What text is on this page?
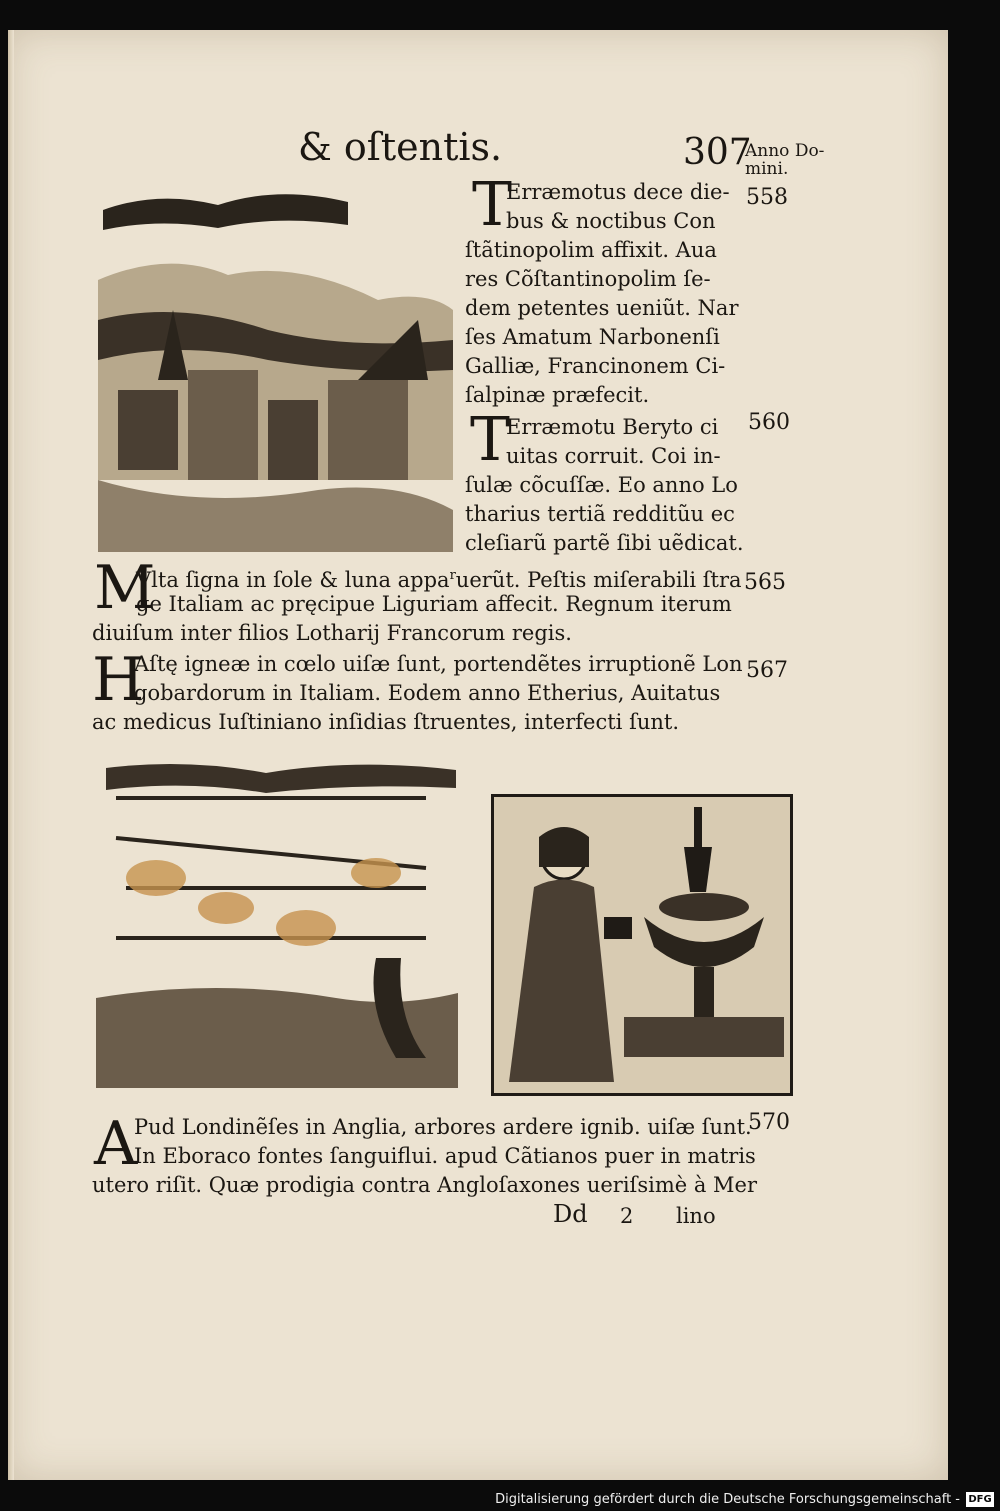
& oſtentis.	307
Anno Do-mini.
558
560
565
567
570
T
Erræmotus dece die-
bus & noctibus Con
ſtãtinopolim affixit. Aua
res Cõſtantinopolim ſe-
dem petentes ueniũt. Nar
ſes Amatum Narbonenſi
Galliæ, Francinonem Ci-
ſalpinæ præfecit.
T
Erræmotu Beryto ci
uitas corruit. Coi in-
ſulæ cõcuſſæ. Eo anno Lo
tharius tertiã redditũu ec
cleſiarũ partẽ ſibi uẽdicat.
M
Vlta ſigna in ſole & luna appa$^r$uerũt. Peſtis miſerabili ſtra
ge Italiam ac pręcipue Liguriam affecit. Regnum iterum
diuiſum inter filios Lotharij Francorum regis.
H
Aſtę igneæ in cœlo uiſæ ſunt, portendẽtes irruptionẽ Lon
gobardorum in Italiam. Eodem anno Etherius, Auitatus
ac medicus Iuſtiniano inſidias ſtruentes, interfecti ſunt.
A
Pud Londinẽſes in Anglia, arbores ardere ignib. uiſæ ſunt.
In Eboraco fontes ſanguiflui. apud Cãtianos puer in matris
utero riſit. Quæ prodigia contra Angloſaxones ueriſsimè à Mer
Dd 2 lino
Digitalisierung gefördert durch die Deutsche Forschungsgemeinschaft - DFG
